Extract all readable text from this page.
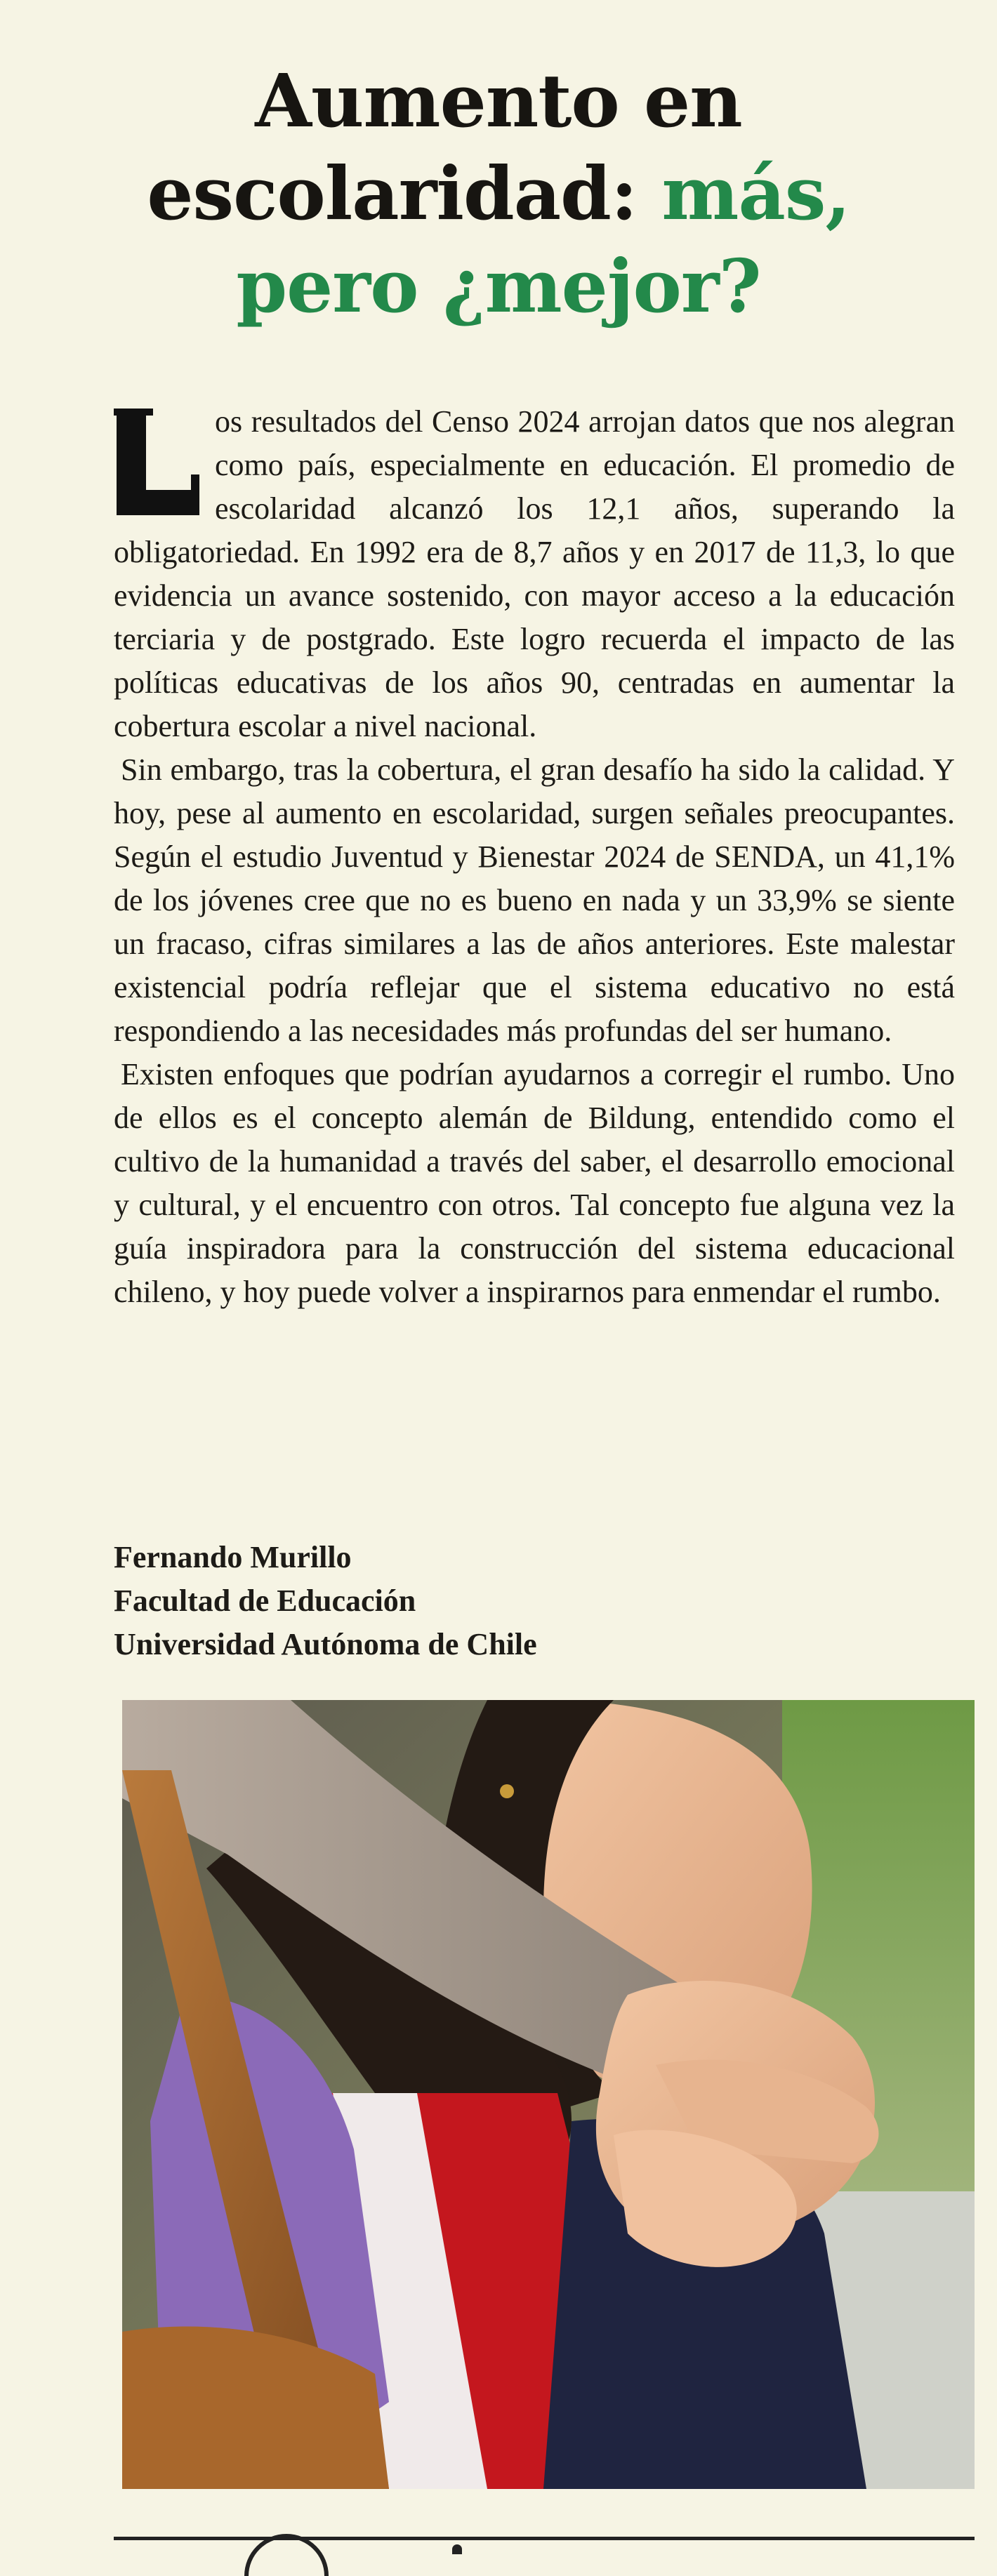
Aumento en
escolaridad: más,
pero ¿mejor?

os resultados del Censo 2024 arrojan datos que nos alegran como país, especialmente en educación. El promedio de escolaridad alcanzó los 12,1 años, superando la obligatoriedad. En 1992 era de 8,7 años y en 2017 de 11,3, lo que evidencia un avance sostenido, con mayor acceso a la educación terciaria y de postgrado. Este logro recuerda el impacto de las políticas educativas de los años 90, centradas en aumentar la cobertura escolar a nivel nacional.

Sin embargo, tras la cobertura, el gran desafío ha sido la calidad. Y hoy, pese al aumento en escolaridad, surgen señales preocupantes. Según el estudio Juventud y Bienestar 2024 de SENDA, un 41,1% de los jóvenes cree que no es bueno en nada y un 33,9% se siente un fracaso, cifras similares a las de años anteriores. Este malestar existencial podría reflejar que el sistema educativo no está respondiendo a las necesidades más profundas del ser humano.

Existen enfoques que podrían ayudarnos a corregir el rumbo. Uno de ellos es el concepto alemán de Bildung, entendido como el cultivo de la humanidad a través del saber, el desarrollo emocional y cultural, y el encuentro con otros. Tal concepto fue alguna vez la guía inspiradora para la construcción del sistema educacional chileno, y hoy puede volver a inspirarnos para enmendar el rumbo.

Fernando Murillo
Facultad de Educación
Universidad Autónoma de Chile
